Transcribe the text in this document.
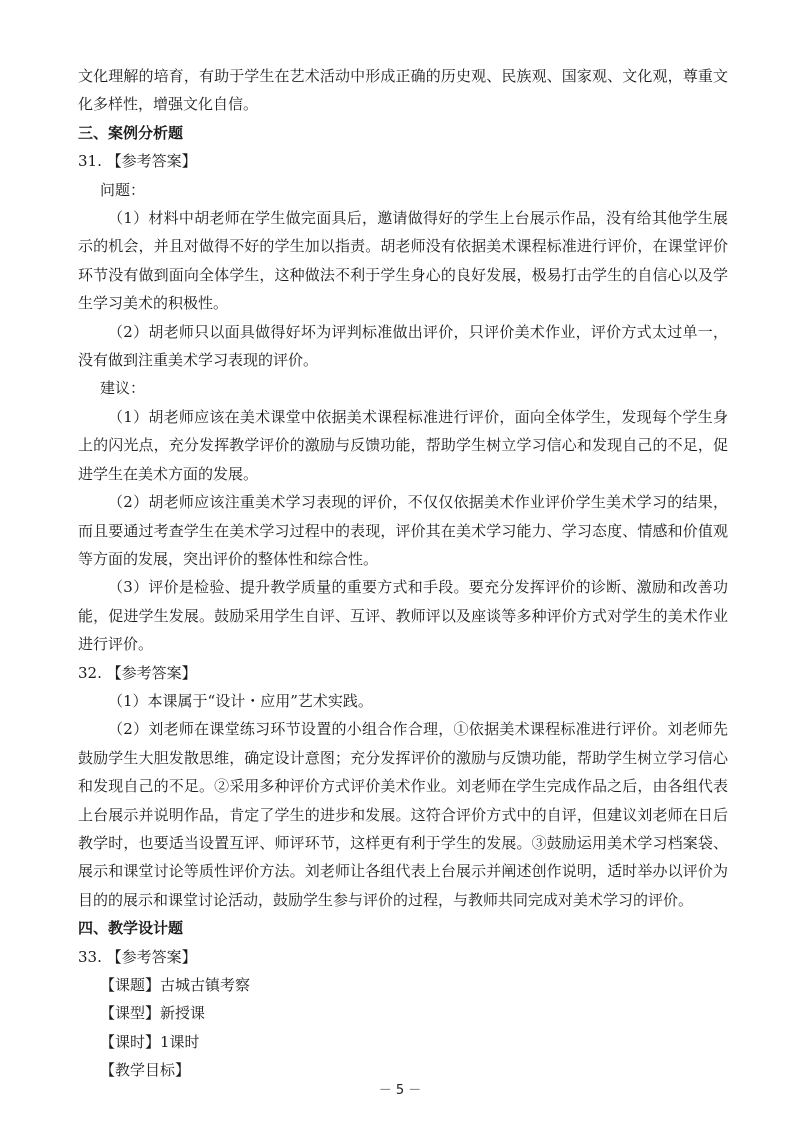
文化理解的培育，有助于学生在艺术活动中形成正确的历史观、民族观、国家观、文化观，尊重文化多样性，增强文化自信。

三、案例分析题

31. 【参考答案】

问题：

（1）材料中胡老师在学生做完面具后，邀请做得好的学生上台展示作品，没有给其他学生展示的机会，并且对做得不好的学生加以指责。胡老师没有依据美术课程标准进行评价，在课堂评价环节没有做到面向全体学生，这种做法不利于学生身心的良好发展，极易打击学生的自信心以及学生学习美术的积极性。

（2）胡老师只以面具做得好坏为评判标准做出评价，只评价美术作业，评价方式太过单一，没有做到注重美术学习表现的评价。

建议：

（1）胡老师应该在美术课堂中依据美术课程标准进行评价，面向全体学生，发现每个学生身上的闪光点，充分发挥教学评价的激励与反馈功能，帮助学生树立学习信心和发现自己的不足，促进学生在美术方面的发展。

（2）胡老师应该注重美术学习表现的评价，不仅仅依据美术作业评价学生美术学习的结果，而且要通过考查学生在美术学习过程中的表现，评价其在美术学习能力、学习态度、情感和价值观等方面的发展，突出评价的整体性和综合性。

（3）评价是检验、提升教学质量的重要方式和手段。要充分发挥评价的诊断、激励和改善功能，促进学生发展。鼓励采用学生自评、互评、教师评以及座谈等多种评价方式对学生的美术作业进行评价。

32. 【参考答案】

（1）本课属于“设计・应用”艺术实践。

（2）刘老师在课堂练习环节设置的小组合作合理，①依据美术课程标准进行评价。刘老师先鼓励学生大胆发散思维，确定设计意图；充分发挥评价的激励与反馈功能，帮助学生树立学习信心和发现自己的不足。②采用多种评价方式评价美术作业。刘老师在学生完成作品之后，由各组代表上台展示并说明作品，肯定了学生的进步和发展。这符合评价方式中的自评，但建议刘老师在日后教学时，也要适当设置互评、师评环节，这样更有利于学生的发展。③鼓励运用美术学习档案袋、展示和课堂讨论等质性评价方法。刘老师让各组代表上台展示并阐述创作说明，适时举办以评价为目的的展示和课堂讨论活动，鼓励学生参与评价的过程，与教师共同完成对美术学习的评价。

四、教学设计题

33. 【参考答案】

【课题】古城古镇考察

【课型】新授课

【课时】1课时

【教学目标】

－ 5 －
